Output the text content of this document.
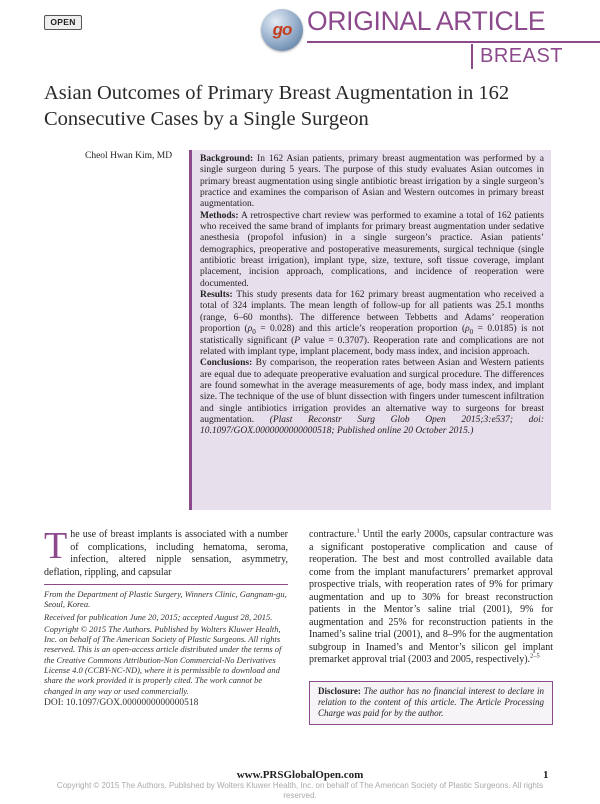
OPEN	go ORIGINAL ARTICLE
BREAST
Asian Outcomes of Primary Breast Augmentation in 162 Consecutive Cases by a Single Surgeon
Cheol Hwan Kim, MD	Background: In 162 Asian patients, primary breast augmentation was performed by a single surgeon during 5 years. The purpose of this study evaluates Asian outcomes in primary breast augmentation using single antibiotic breast irrigation by a single surgeon’s practice and examines the comparison of Asian and Western outcomes in primary breast augmentation.

Methods: A retrospective chart review was performed to examine a total of 162 patients who received the same brand of implants for primary breast augmentation under sedative anesthesia (propofol infusion) in a single surgeon’s practice. Asian patients’ demographics, preoperative and postoperative measurements, surgical technique (single antibiotic breast irrigation), implant type, size, texture, soft tissue coverage, implant placement, incision approach, complications, and incidence of reoperation were documented.

Results: This study presents data for 162 primary breast augmentation who received a total of 324 implants. The mean length of follow-up for all patients was 25.1 months (range, 6–60 months). The difference between Tebbetts and Adams’ reoperation proportion $(\rho_0 = 0.028)$ and this article’s reoperation proportion $(\rho_0 = 0.0185)$ is not statistically significant (P value = 0.3707). Reoperation rate and complications are not related with implant type, implant placement, body mass index, and incision approach.

Conclusions: By comparison, the reoperation rates between Asian and Western patients are equal due to adequate preoperative evaluation and surgical procedure. The differences are found somewhat in the average measurements of age, body mass index, and implant size. The technique of the use of blunt dissection with fingers under tumescent infiltration and single antibiotics irrigation provides an alternative way to surgeons for breast augmentation. (Plast Reconstr Surg Glob Open 2015;3:e537; doi: 10.1097/GOX.0000000000000518; Published online 20 October 2015.)

The use of breast implants is associated with a number of complications, including hematoma, seroma, infection, altered nipple sensation, asymmetry, deflation, rippling, and capsular

From the Department of Plastic Surgery, Winners Clinic, Gangnam-gu, Seoul, Korea.

Received for publication June 20, 2015; accepted August 28, 2015.

Copyright © 2015 The Authors. Published by Wolters Kluwer Health, Inc. on behalf of The American Society of Plastic Surgeons. All rights reserved. This is an open-access article distributed under the terms of the Creative Commons Attribution-Non Commercial-No Derivatives License 4.0 (CCBY-NC-ND), where it is permissible to download and share the work provided it is properly cited. The work cannot be changed in any way or used commercially.

DOI: 10.1097/GOX.0000000000000518

contracture.$^1$ Until the early 2000s, capsular contracture was a significant postoperative complication and cause of reoperation. The best and most controlled available data come from the implant manufacturers’ premarket approval prospective trials, with reoperation rates of 9% for primary augmentation and up to 30% for breast reconstruction patients in the Mentor’s saline trial (2001), 9% for augmentation and 25% for reconstruction patients in the Inamed’s saline trial (2001), and 8–9% for the augmentation subgroup in Inamed’s and Mentor’s silicon gel implant premarket approval trial (2003 and 2005, respectively).$^{2-5}$

Disclosure: The author has no financial interest to declare in relation to the content of this article. The Article Processing Charge was paid for by the author.
www.PRSGlobalOpen.com	1
Copyright © 2015 The Authors. Published by Wolters Kluwer Health, Inc. on behalf of The American Society of Plastic Surgeons. All rights reserved.
